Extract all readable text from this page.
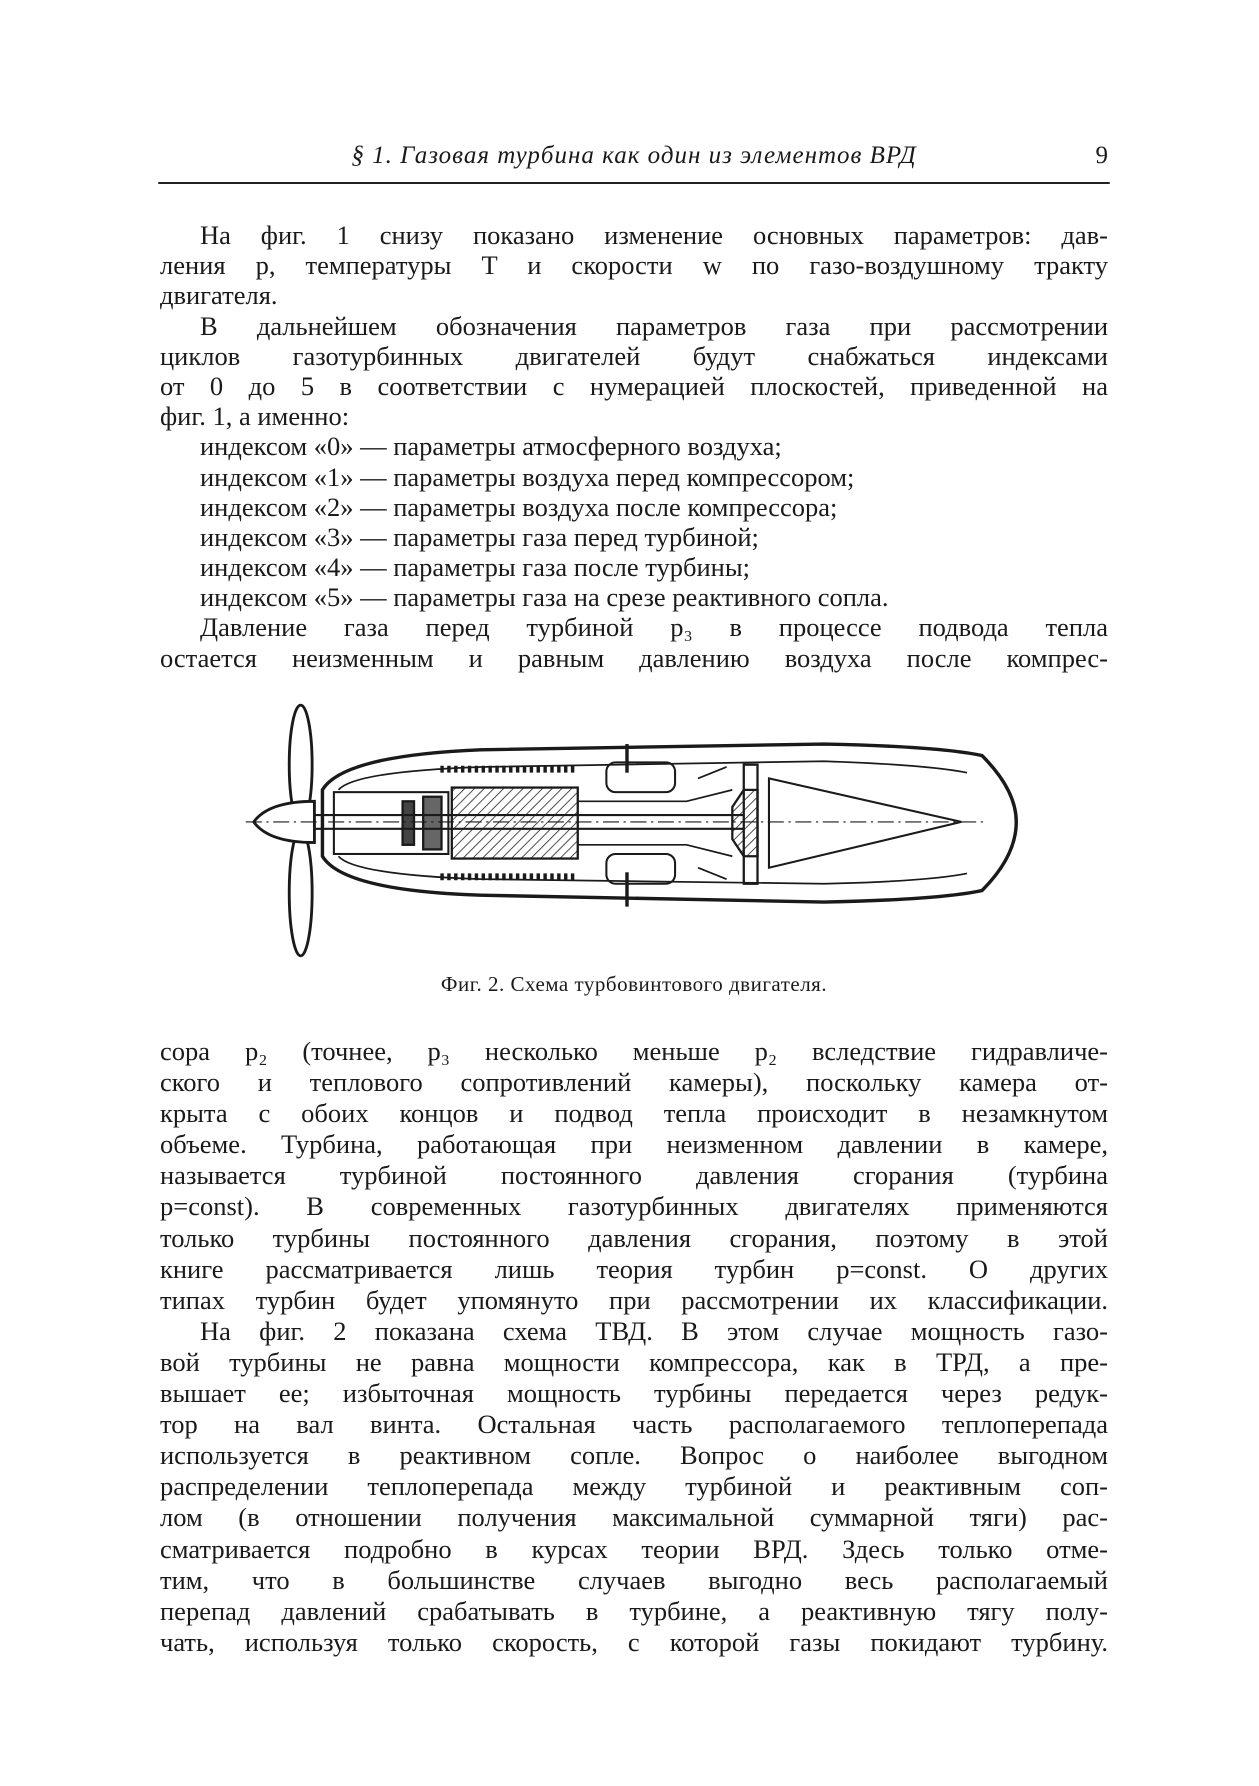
§ 1. Газовая турбина как один из элементов ВРД	9
На фиг. 1 снизу показано изменение основных параметров: дав-
ления p, температуры T и скорости w по газо-воздушному тракту
двигателя.
В дальнейшем обозначения параметров газа при рассмотрении
циклов газотурбинных двигателей будут снабжаться индексами
от 0 до 5 в соответствии с нумерацией плоскостей, приведенной на
фиг. 1, а именно:
индексом «0» — параметры атмосферного воздуха;
индексом «1» — параметры воздуха перед компрессором;
индексом «2» — параметры воздуха после компрессора;
индексом «3» — параметры газа перед турбиной;
индексом «4» — параметры газа после турбины;
индексом «5» — параметры газа на срезе реактивного сопла.
Давление газа перед турбиной p₃ в процессе подвода тепла
остается неизменным и равным давлению воздуха после компрес-
Фиг. 2. Схема турбовинтового двигателя.
сора p₂ (точнее, p₃ несколько меньше p₂ вследствие гидравличе-
ского и теплового сопротивлений камеры), поскольку камера от-
крыта с обоих концов и подвод тепла происходит в незамкнутом
объеме. Турбина, работающая при неизменном давлении в камере,
называется турбиной постоянного давления сгорания (турбина
p=const). В современных газотурбинных двигателях применяются
только турбины постоянного давления сгорания, поэтому в этой
книге рассматривается лишь теория турбин p=const. О других
типах турбин будет упомянуто при рассмотрении их классификации.
На фиг. 2 показана схема ТВД. В этом случае мощность газо-
вой турбины не равна мощности компрессора, как в ТРД, а пре-
вышает ее; избыточная мощность турбины передается через редук-
тор на вал винта. Остальная часть располагаемого теплоперепада
используется в реактивном сопле. Вопрос о наиболее выгодном
распределении теплоперепада между турбиной и реактивным соп-
лом (в отношении получения максимальной суммарной тяги) рас-
сматривается подробно в курсах теории ВРД. Здесь только отме-
тим, что в большинстве случаев выгодно весь располагаемый
перепад давлений срабатывать в турбине, а реактивную тягу полу-
чать, используя только скорость, с которой газы покидают турбину.
